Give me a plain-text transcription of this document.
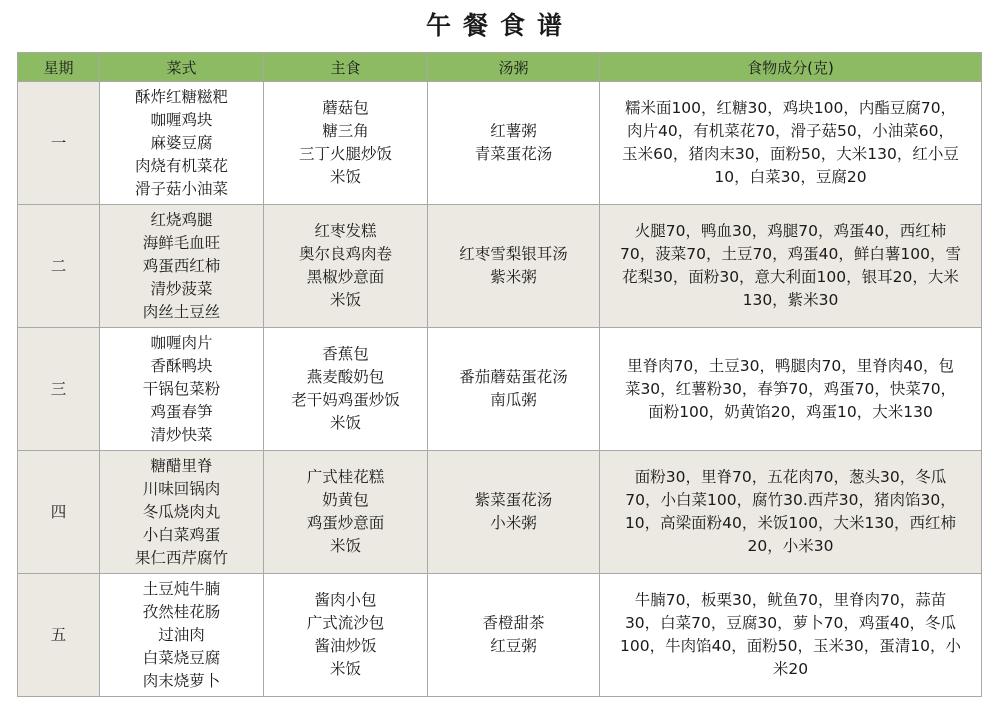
午餐食谱
星期	菜式	主食	汤粥	食物成分(克)
一	酥炸红糖糍粑
咖喱鸡块
麻婆豆腐
肉烧有机菜花
滑子菇小油菜	蘑菇包
糖三角
三丁火腿炒饭
米饭	红薯粥
青菜蛋花汤	糯米面100，红糖30，鸡块100，内酯豆腐70，
肉片40，有机菜花70，滑子菇50，小油菜60，
玉米60，猪肉末30，面粉50，大米130，红小豆
10，白菜30，豆腐20

二	红烧鸡腿
海鲜毛血旺
鸡蛋西红柿
清炒菠菜
肉丝土豆丝	红枣发糕
奥尔良鸡肉卷
黑椒炒意面
米饭	红枣雪梨银耳汤
紫米粥	火腿70，鸭血30，鸡腿70，鸡蛋40，西红柿
70，菠菜70，土豆70，鸡蛋40，鲜白薯100，雪
花梨30，面粉30，意大利面100，银耳20，大米
130，紫米30

三	咖喱肉片
香酥鸭块
干锅包菜粉
鸡蛋春笋
清炒快菜	香蕉包
燕麦酸奶包
老干妈鸡蛋炒饭
米饭	番茄蘑菇蛋花汤
南瓜粥	里脊肉70，土豆30，鸭腿肉70，里脊肉40，包
菜30，红薯粉30，春笋70，鸡蛋70，快菜70，
面粉100，奶黄馅20，鸡蛋10，大米130

四	糖醋里脊
川味回锅肉
冬瓜烧肉丸
小白菜鸡蛋
果仁西芹腐竹	广式桂花糕
奶黄包
鸡蛋炒意面
米饭	紫菜蛋花汤
小米粥	面粉30，里脊70，五花肉70，葱头30，冬瓜
70，小白菜100，腐竹30.西芹30，猪肉馅30，
10，高梁面粉40，米饭100，大米130，西红柿
20，小米30

五	土豆炖牛腩
孜然桂花肠
过油肉
白菜烧豆腐
肉末烧萝卜	酱肉小包
广式流沙包
酱油炒饭
米饭	香橙甜茶
红豆粥	牛腩70，板栗30，鱿鱼70，里脊肉70，蒜苗
30，白菜70，豆腐30，萝卜70，鸡蛋40，冬瓜
100，牛肉馅40，面粉50，玉米30，蛋清10，小
米20
